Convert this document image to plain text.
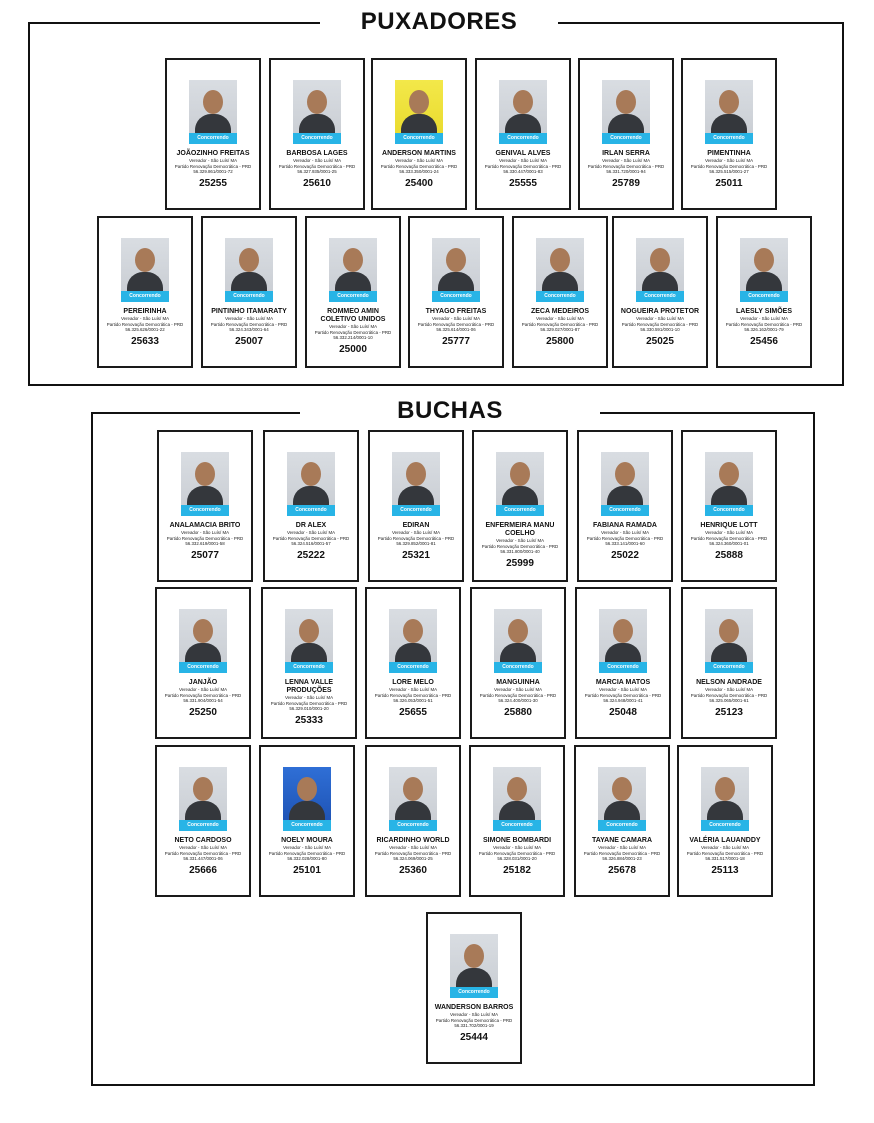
PUXADORES
BUCHAS
Concorrendo
JOÃOZINHO FREITAS
Vereador - São Luís/ MA
Partido Renovação Democrática - PRD
56.329.861/0001-72
25255
Concorrendo
BARBOSA LAGES
Vereador - São Luís/ MA
Partido Renovação Democrática - PRD
56.327.935/0001-25
25610
Concorrendo
ANDERSON MARTINS
Vereador - São Luís/ MA
Partido Renovação Democrática - PRD
56.333.350/0001-24
25400
Concorrendo
GENIVAL ALVES
Vereador - São Luís/ MA
Partido Renovação Democrática - PRD
56.330.447/0001-83
25555
Concorrendo
IRLAN SERRA
Vereador - São Luís/ MA
Partido Renovação Democrática - PRD
56.331.720/0001-94
25789
Concorrendo
PIMENTINHA
Vereador - São Luís/ MA
Partido Renovação Democrática - PRD
56.325.515/0001-27
25011
Concorrendo
PEREIRINHA
Vereador - São Luís/ MA
Partido Renovação Democrática - PRD
56.325.626/0001-22
25633
Concorrendo
PINTINHO ITAMARATY
Vereador - São Luís/ MA
Partido Renovação Democrática - PRD
56.324.343/0001-64
25007
Concorrendo
ROMMEO AMIN COLETIVO UNIDOS
Vereador - São Luís/ MA
Partido Renovação Democrática - PRD
56.332.214/0001-10
25000
Concorrendo
THYAGO FREITAS
Vereador - São Luís/ MA
Partido Renovação Democrática - PRD
56.325.614/0001-06
25777
Concorrendo
ZECA MEDEIROS
Vereador - São Luís/ MA
Partido Renovação Democrática - PRD
56.329.027/0001-87
25800
Concorrendo
NOGUEIRA PROTETOR
Vereador - São Luís/ MA
Partido Renovação Democrática - PRD
56.330.591/0001-10
25025
Concorrendo
LAESLY SIMÕES
Vereador - São Luís/ MA
Partido Renovação Democrática - PRD
56.326.162/0001-79
25456
Concorrendo
ANALAMACIA BRITO
Vereador - São Luís/ MA
Partido Renovação Democrática - PRD
56.332.619/0001-58
25077
Concorrendo
DR ALEX
Vereador - São Luís/ MA
Partido Renovação Democrática - PRD
56.324.516/0001-57
25222
Concorrendo
EDIRAN
Vereador - São Luís/ MA
Partido Renovação Democrática - PRD
56.329.852/0001-81
25321
Concorrendo
ENFERMEIRA MANU COELHO
Vereador - São Luís/ MA
Partido Renovação Democrática - PRD
56.331.800/0001-40
25999
Concorrendo
FABIANA RAMADA
Vereador - São Luís/ MA
Partido Renovação Democrática - PRD
56.333.141/0001-60
25022
Concorrendo
HENRIQUE LOTT
Vereador - São Luís/ MA
Partido Renovação Democrática - PRD
56.324.360/0001-01
25888
Concorrendo
JANJÃO
Vereador - São Luís/ MA
Partido Renovação Democrática - PRD
56.331.904/0001-54
25250
Concorrendo
LENNA VALLE PRODUÇÕES
Vereador - São Luís/ MA
Partido Renovação Democrática - PRD
56.329.010/0001-20
25333
Concorrendo
LORE MELO
Vereador - São Luís/ MA
Partido Renovação Democrática - PRD
56.326.053/0001-51
25655
Concorrendo
MANGUINHA
Vereador - São Luís/ MA
Partido Renovação Democrática - PRD
56.324.400/0001-30
25880
Concorrendo
MARCIA MATOS
Vereador - São Luís/ MA
Partido Renovação Democrática - PRD
56.324.948/0001-41
25048
Concorrendo
NELSON ANDRADE
Vereador - São Luís/ MA
Partido Renovação Democrática - PRD
56.325.065/0001-61
25123
Concorrendo
NETO CARDOSO
Vereador - São Luís/ MA
Partido Renovação Democrática - PRD
56.331.447/0001-06
25666
Concorrendo
NOELY MOURA
Vereador - São Luís/ MA
Partido Renovação Democrática - PRD
56.332.028/0001-80
25101
Concorrendo
RICARDINHO WORLD
Vereador - São Luís/ MA
Partido Renovação Democrática - PRD
56.324.069/0001-25
25360
Concorrendo
SIMONE BOMBARDI
Vereador - São Luís/ MA
Partido Renovação Democrática - PRD
56.328.031/0001-20
25182
Concorrendo
TAYANE CAMARA
Vereador - São Luís/ MA
Partido Renovação Democrática - PRD
56.326.884/0001-23
25678
Concorrendo
VALÉRIA LAUANDDY
Vereador - São Luís/ MA
Partido Renovação Democrática - PRD
56.331.517/0001-18
25113
Concorrendo
WANDERSON BARROS
Vereador - São Luís/ MA
Partido Renovação Democrática - PRD
56.331.702/0001-19
25444
